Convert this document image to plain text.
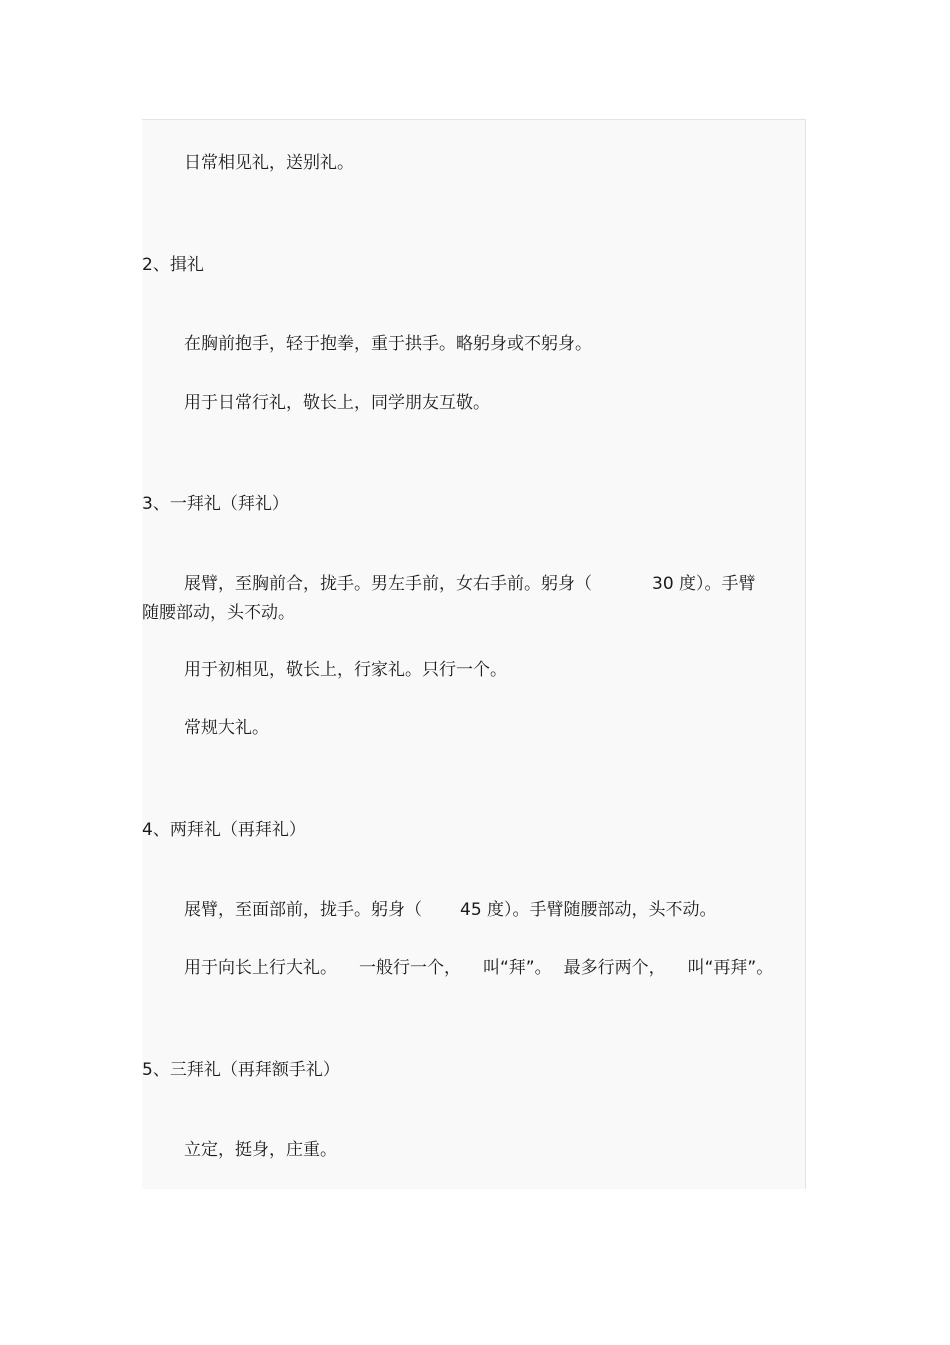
日常相见礼，送别礼。
2、揖礼
在胸前抱手，轻于抱拳，重于拱手。略躬身或不躬身。
用于日常行礼，敬长上，同学朋友互敬。
3、一拜礼（拜礼）
展臂，至胸前合，拢手。男左手前，女右手前。躬身（	30 度）。手臂
随腰部动，头不动。
用于初相见，敬长上，行家礼。只行一个。
常规大礼。
4、两拜礼（再拜礼）
展臂，至面部前，拢手。躬身（ 45 度）。手臂随腰部动，头不动。
用于向长上行大礼。 一般行一个， 叫“拜”。 最多行两个， 叫“再拜”。
5、三拜礼（再拜额手礼）
立定，挺身，庄重。
